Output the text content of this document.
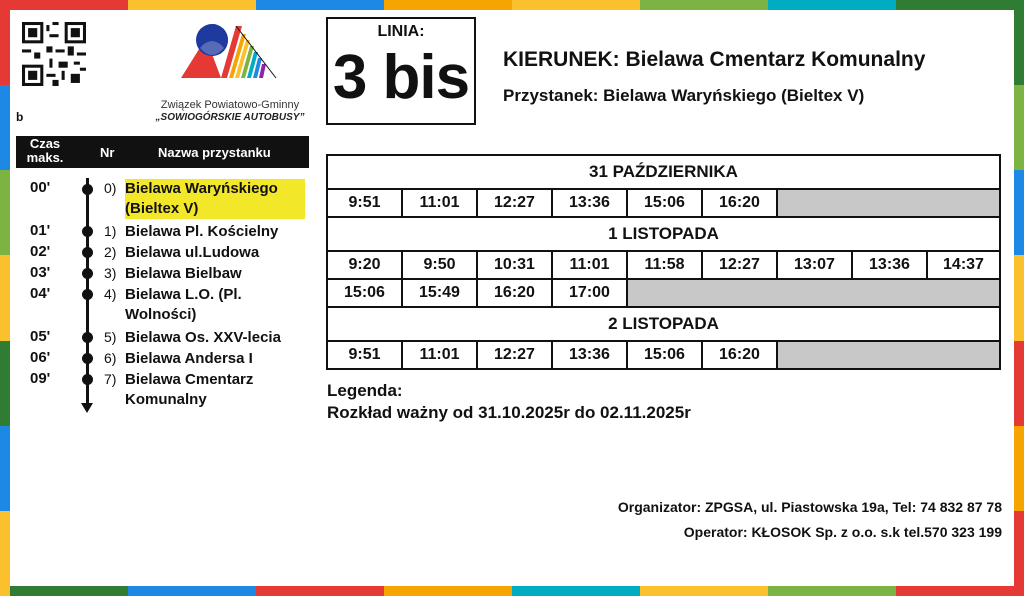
b
Związek Powiatowo-Gminny
„SOWIOGÓRSKIE AUTOBUSY”
LINIA:
3 bis KIERUNEK: Bielawa Cmentarz Komunalny
Przystanek: Bielawa Waryńskiego (Bieltex V)
Czas
maks.	Nr	Nazwa przystanku
00'	0) Bielawa Waryńskiego
(Bieltex V)
01'	1) Bielawa Pl. Kościelny
02'	2) Bielawa ul.Ludowa
03'	3) Bielawa Bielbaw
04'	4) Bielawa L.O. (Pl.
Wolności)
05'	5) Bielawa Os. XXV-lecia
06'	6) Bielawa Andersa I
09'	7) Bielawa Cmentarz
Komunalny
31 PAŹDZIERNIKA
9:51	11:01	12:27	13:36	15:06	16:20
1 LISTOPADA
9:20	9:50	10:31	11:01	11:58	12:27	13:07	13:36	14:37
15:06	15:49	16:20	17:00
2 LISTOPADA
9:51	11:01	12:27	13:36	15:06	16:20
Legenda:
Rozkład ważny od 31.10.2025r do 02.11.2025r
Organizator: ZPGSA, ul. Piastowska 19a, Tel: 74 832 87 78
Operator: KŁOSOK Sp. z o.o. s.k tel.570 323 199
